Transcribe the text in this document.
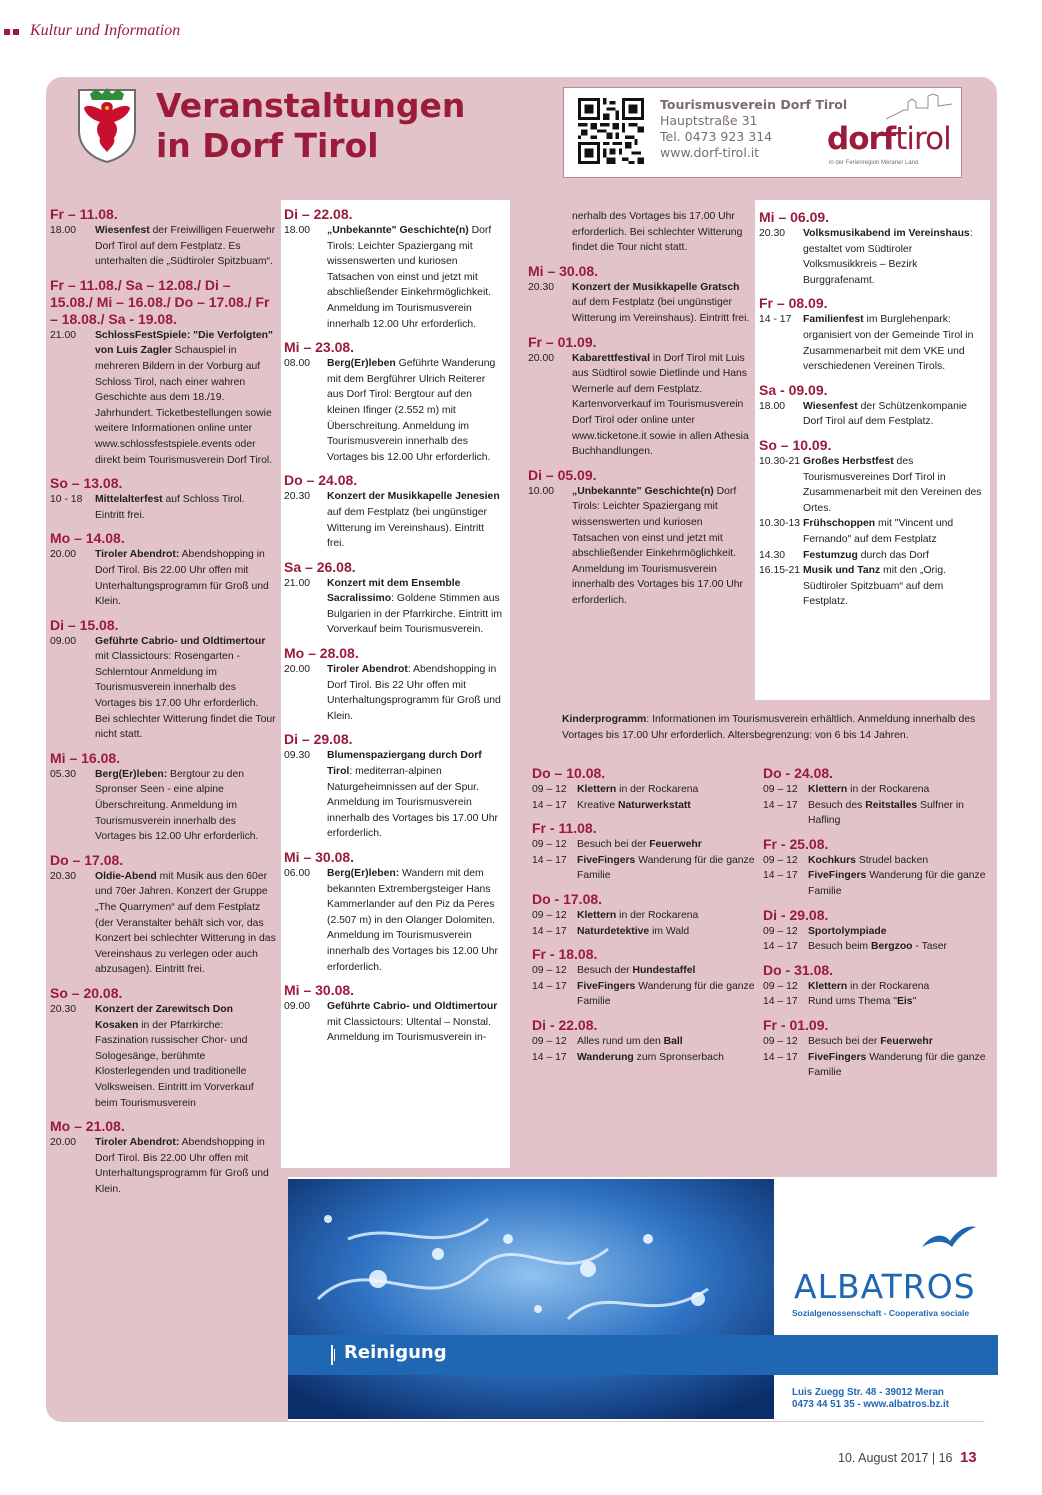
Kultur und Information
Veranstaltungen
in Dorf Tirol
Tourismusverein Dorf Tirol
Hauptstraße 31
Tel. 0473 923 314
www.dorf-tirol.it	dorftirol
in der Ferienregion Meraner Land
Fr – 11.08.
18.00	Wiesenfest der Freiwilligen Feuerwehr Dorf Tirol auf dem Festplatz. Es unterhalten die „Südtiroler Spitzbuam“.
Fr – 11.08./ Sa – 12.08./ Di – 15.08./ Mi – 16.08./ Do – 17.08./ Fr – 18.08./ Sa - 19.08.
21.00	SchlossFestSpiele: "Die Verfolgten" von Luis Zagler Schauspiel in mehreren Bildern in der Vorburg auf Schloss Tirol, nach einer wahren Geschichte aus dem 18./19. Jahrhundert. Ticketbestellungen sowie weitere Informationen online unter www.schlossfestspiele.events oder direkt beim Tourismusverein Dorf Tirol.
So – 13.08.
10 - 18	Mittelalterfest auf Schloss Tirol. Eintritt frei.
Mo – 14.08.
20.00	Tiroler Abendrot: Abendshopping in Dorf Tirol. Bis 22.00 Uhr offen mit Unterhaltungsprogramm für Groß und Klein.
Di – 15.08.
09.00	Geführte Cabrio- und Oldtimertour mit Classictours: Rosengarten - Schlerntour Anmeldung im Tourismusverein innerhalb des Vortages bis 17.00 Uhr erforderlich. Bei schlechter Witterung findet die Tour nicht statt.
Mi – 16.08.
05.30	Berg(Er)leben: Bergtour zu den Spronser Seen - eine alpine Überschreitung. Anmeldung im Tourismusverein innerhalb des Vortages bis 12.00 Uhr erforderlich.
Do – 17.08.
20.30	Oldie-Abend mit Musik aus den 60er und 70er Jahren. Konzert der Gruppe „The Quarrymen“ auf dem Festplatz (der Veranstalter behält sich vor, das Konzert bei schlechter Witterung in das Vereinshaus zu verlegen oder auch abzusagen). Eintritt frei.
So – 20.08.
20.30	Konzert der Zarewitsch Don Kosaken in der Pfarrkirche: Faszination russischer Chor- und Sologesänge, berühmte Klosterlegenden und traditionelle Volksweisen. Eintritt im Vorverkauf beim Tourismusverein
Mo – 21.08.
20.00	Tiroler Abendrot: Abendshopping in Dorf Tirol. Bis 22.00 Uhr offen mit Unterhaltungsprogramm für Groß und Klein.
Di – 22.08.
18.00	„Unbekannte" Geschichte(n) Dorf Tirols: Leichter Spaziergang mit wissenswerten und kuriosen Tatsachen von einst und jetzt mit abschließender Einkehrmöglichkeit. Anmeldung im Tourismusverein innerhalb 12.00 Uhr erforderlich.
Mi – 23.08.
08.00	Berg(Er)leben Geführte Wanderung mit dem Bergführer Ulrich Reiterer aus Dorf Tirol: Bergtour auf den kleinen Ifinger (2.552 m) mit Überschreitung. Anmeldung im Tourismusverein innerhalb des Vortages bis 12.00 Uhr erforderlich.
Do – 24.08.
20.30	Konzert der Musikkapelle Jenesien auf dem Festplatz (bei ungünstiger Witterung im Vereinshaus). Eintritt frei.
Sa – 26.08.
21.00	Konzert mit dem Ensemble Sacralissimo: Goldene Stimmen aus Bulgarien in der Pfarrkirche. Eintritt im Vorverkauf beim Tourismusverein.
Mo – 28.08.
20.00	Tiroler Abendrot: Abendshopping in Dorf Tirol. Bis 22 Uhr offen mit Unterhaltungsprogramm für Groß und Klein.
Di – 29.08.
09.30	Blumenspaziergang durch Dorf Tirol: mediterran-alpinen Naturgeheimnissen auf der Spur. Anmeldung im Tourismusverein innerhalb des Vortages bis 17.00 Uhr erforderlich.
Mi – 30.08.
06.00	Berg(Er)leben: Wandern mit dem bekannten Extrembergsteiger Hans Kammerlander auf den Piz da Peres (2.507 m) in den Olanger Dolomiten. Anmeldung im Tourismusverein innerhalb des Vortages bis 12.00 Uhr erforderlich.
Mi – 30.08.
09.00	Geführte Cabrio- und Oldtimertour mit Classictours: Ultental – Nonstal. Anmeldung im Tourismusverein in-
nerhalb des Vortages bis 17.00 Uhr erforderlich. Bei schlechter Witterung findet die Tour nicht statt.
Mi – 30.08.
20.30	Konzert der Musikkapelle Gratsch auf dem Festplatz (bei ungünstiger Witterung im Vereinshaus). Eintritt frei.
Fr – 01.09.
20.00	Kabarettfestival in Dorf Tirol mit Luis aus Südtirol sowie Dietlinde und Hans Wernerle auf dem Festplatz. Kartenvorverkauf im Tourismusverein Dorf Tirol oder online unter www.ticketone.it sowie in allen Athesia Buchhandlungen.
Di – 05.09.
10.00	„Unbekannte" Geschichte(n) Dorf Tirols: Leichter Spaziergang mit wissenswerten und kuriosen Tatsachen von einst und jetzt mit abschließender Einkehrmöglichkeit. Anmeldung im Tourismusverein innerhalb des Vortages bis 17.00 Uhr erforderlich.
Mi – 06.09.
20.30	Volksmusikabend im Vereinshaus: gestaltet vom Südtiroler Volksmusikkreis – Bezirk Burggrafenamt.
Fr – 08.09.
14 - 17	Familienfest im Burglehenpark: organisiert von der Gemeinde Tirol in Zusammenarbeit mit dem VKE und verschiedenen Vereinen Tirols.
Sa - 09.09.
18.00	Wiesenfest der Schützenkompanie Dorf Tirol auf dem Festplatz.
So – 10.09.
10.30-21 Großes Herbstfest des Tourismusvereines Dorf Tirol in Zusammenarbeit mit den Vereinen des Ortes.
10.30-13 Frühschoppen mit "Vincent und Fernando" auf dem Festplatz
14.30	Festumzug durch das Dorf
16.15-21 Musik und Tanz mit den „Orig. Südtiroler Spitzbuam“ auf dem Festplatz.
Kinderprogramm: Informationen im Tourismusverein erhältlich. Anmeldung innerhalb des Vortages bis 17.00 Uhr erforderlich. Altersbegrenzung: von 6 bis 14 Jahren.
Do – 10.08.
09 – 12 Klettern in der Rockarena
14 – 17 Kreative Naturwerkstatt
Fr - 11.08.
09 – 12 Besuch bei der Feuerwehr
14 – 17 FiveFingers Wanderung für die ganze Familie
Do - 17.08.
09 – 12 Klettern in der Rockarena
14 – 17 Naturdetektive im Wald
Fr - 18.08.
09 – 12 Besuch der Hundestaffel
14 – 17 FiveFingers Wanderung für die ganze Familie
Di - 22.08.
09 – 12 Alles rund um den Ball
14 – 17 Wanderung zum Spronserbach
Do - 24.08.
09 – 12 Klettern in der Rockarena
14 – 17 Besuch des Reitstalles Sulfner in Hafling
Fr - 25.08.
09 – 12 Kochkurs Strudel backen
14 – 17 FiveFingers Wanderung für die ganze Familie
Di - 29.08.
09 – 12 Sportolympiade
14 – 17 Besuch beim Bergzoo - Taser
Do - 31.08.
09 – 12 Klettern in der Rockarena
14 – 17 Rund ums Thema "Eis"
Fr - 01.09.
09 – 12 Besuch bei der Feuerwehr
14 – 17 FiveFingers Wanderung für die ganze Familie
Reinigung
ALBATROS
Sozialgenossenschaft - Cooperativa sociale
Luis Zuegg Str. 48 - 39012 Meran
0473 44 51 35 - www.albatros.bz.it
10. August 2017 | 16 13
